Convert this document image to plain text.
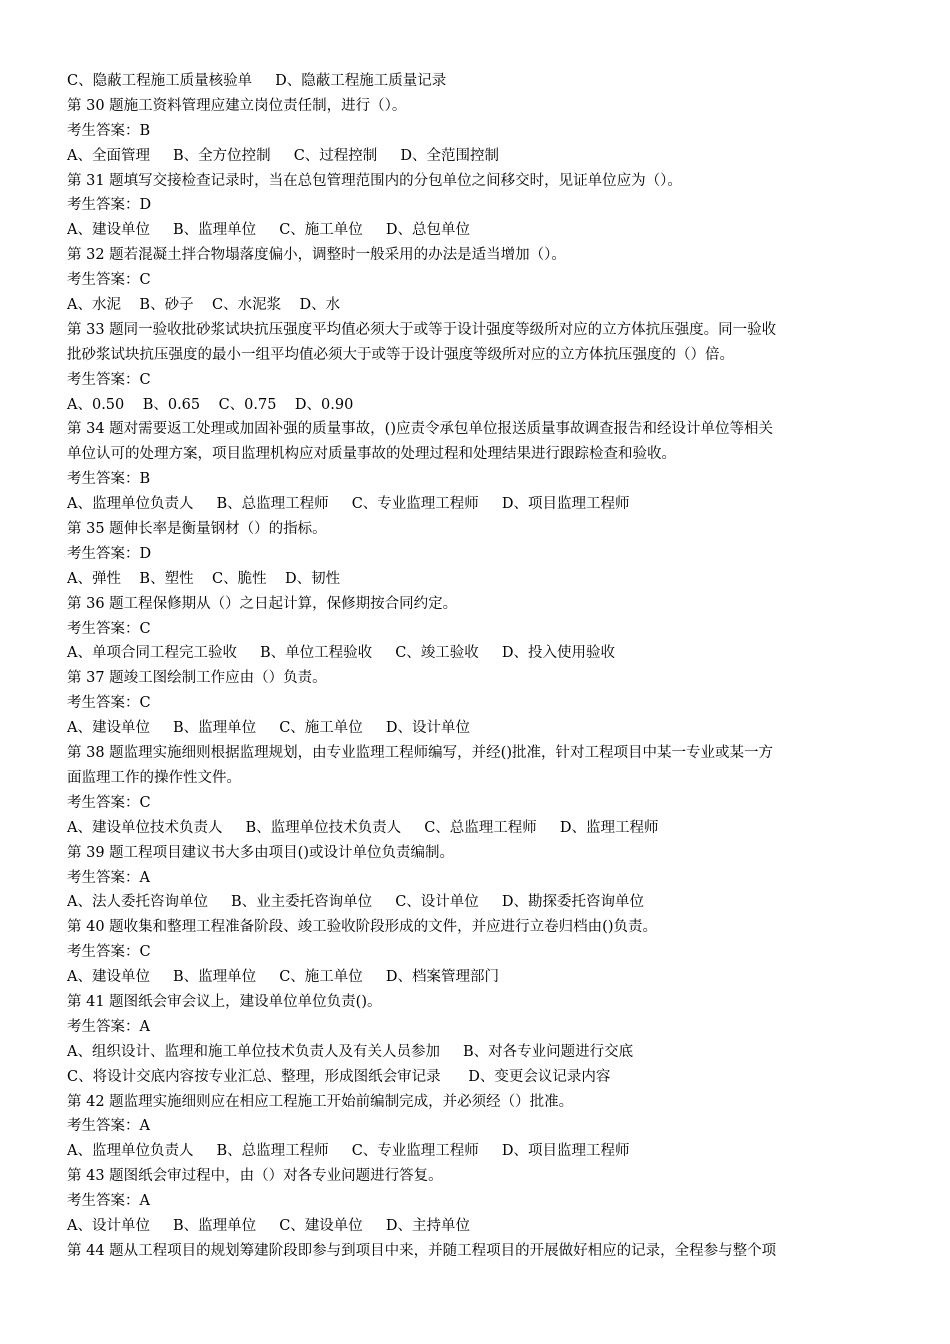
C、隐蔽工程施工质量核验单     D、隐蔽工程施工质量记录
第 30 题施工资料管理应建立岗位责任制，进行（）。
考生答案：B
A、全面管理     B、全方位控制     C、过程控制     D、全范围控制
第 31 题填写交接检查记录时，当在总包管理范围内的分包单位之间移交时，见证单位应为（）。
考生答案：D
A、建设单位     B、监理单位     C、施工单位     D、总包单位
第 32 题若混凝土拌合物塌落度偏小，调整时一般采用的办法是适当增加（）。
考生答案：C
A、水泥    B、砂子    C、水泥浆    D、水
第 33 题同一验收批砂浆试块抗压强度平均值必须大于或等于设计强度等级所对应的立方体抗压强度。同一验收
批砂浆试块抗压强度的最小一组平均值必须大于或等于设计强度等级所对应的立方体抗压强度的（）倍。
考生答案：C
A、0.50    B、0.65    C、0.75    D、0.90
第 34 题对需要返工处理或加固补强的质量事故，()应责令承包单位报送质量事故调查报告和经设计单位等相关
单位认可的处理方案，项目监理机构应对质量事故的处理过程和处理结果进行跟踪检查和验收。
考生答案：B
A、监理单位负责人     B、总监理工程师     C、专业监理工程师     D、项目监理工程师
第 35 题伸长率是衡量钢材（）的指标。
考生答案：D
A、弹性    B、塑性    C、脆性    D、韧性
第 36 题工程保修期从（）之日起计算，保修期按合同约定。
考生答案：C
A、单项合同工程完工验收     B、单位工程验收     C、竣工验收     D、投入使用验收
第 37 题竣工图绘制工作应由（）负责。
考生答案：C
A、建设单位     B、监理单位     C、施工单位     D、设计单位
第 38 题监理实施细则根据监理规划，由专业监理工程师编写，并经()批准，针对工程项目中某一专业或某一方
面监理工作的操作性文件。
考生答案：C
A、建设单位技术负责人     B、监理单位技术负责人     C、总监理工程师     D、监理工程师
第 39 题工程项目建议书大多由项目()或设计单位负责编制。
考生答案：A
A、法人委托咨询单位     B、业主委托咨询单位     C、设计单位     D、勘探委托咨询单位
第 40 题收集和整理工程准备阶段、竣工验收阶段形成的文件，并应进行立卷归档由()负责。
考生答案：C
A、建设单位     B、监理单位     C、施工单位     D、档案管理部门
第 41 题图纸会审会议上，建设单位单位负责()。
考生答案：A
A、组织设计、监理和施工单位技术负责人及有关人员参加     B、对各专业问题进行交底
C、将设计交底内容按专业汇总、整理，形成图纸会审记录      D、变更会议记录内容
第 42 题监理实施细则应在相应工程施工开始前编制完成，并必须经（）批准。
考生答案：A
A、监理单位负责人     B、总监理工程师     C、专业监理工程师     D、项目监理工程师
第 43 题图纸会审过程中，由（）对各专业问题进行答复。
考生答案：A
A、设计单位     B、监理单位     C、建设单位     D、主持单位
第 44 题从工程项目的规划筹建阶段即参与到项目中来，并随工程项目的开展做好相应的记录，全程参与整个项
